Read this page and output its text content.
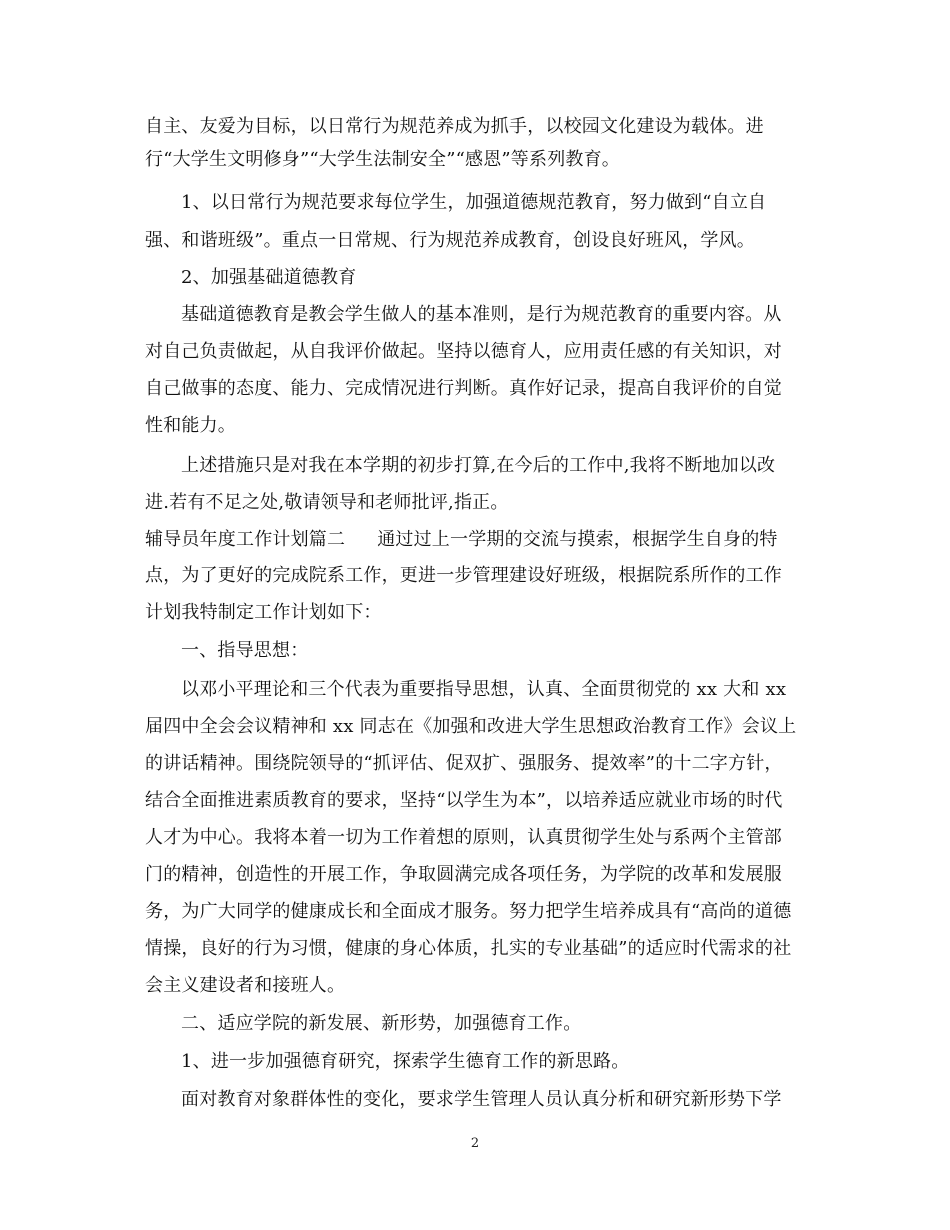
自主、友爱为目标，以日常行为规范养成为抓手，以校园文化建设为载体。进
行“大学生文明修身”“大学生法制安全”“感恩”等系列教育。
1、以日常行为规范要求每位学生，加强道德规范教育，努力做到“自立自
强、和谐班级”。重点一日常规、行为规范养成教育，创设良好班风，学风。
2、加强基础道德教育
基础道德教育是教会学生做人的基本准则，是行为规范教育的重要内容。从
对自己负责做起，从自我评价做起。坚持以德育人，应用责任感的有关知识，对
自己做事的态度、能力、完成情况进行判断。真作好记录，提高自我评价的自觉
性和能力。
上述措施只是对我在本学期的初步打算,在今后的工作中,我将不断地加以改
进.若有不足之处,敬请领导和老师批评,指正。
辅导员年度工作计划篇二 通过过上一学期的交流与摸索，根据学生自身的特
点，为了更好的完成院系工作，更进一步管理建设好班级，根据院系所作的工作
计划我特制定工作计划如下：
一、指导思想：
以邓小平理论和三个代表为重要指导思想，认真、全面贯彻党的 xx 大和 xx
届四中全会会议精神和 xx 同志在《加强和改进大学生思想政治教育工作》会议上
的讲话精神。围绕院领导的“抓评估、促双扩、强服务、提效率”的十二字方针，
结合全面推进素质教育的要求，坚持“以学生为本”，以培养适应就业市场的时代
人才为中心。我将本着一切为工作着想的原则，认真贯彻学生处与系两个主管部
门的精神，创造性的开展工作，争取圆满完成各项任务，为学院的改革和发展服
务，为广大同学的健康成长和全面成才服务。努力把学生培养成具有“高尚的道德
情操，良好的行为习惯，健康的身心体质，扎实的专业基础”的适应时代需求的社
会主义建设者和接班人。
二、适应学院的新发展、新形势，加强德育工作。
1、进一步加强德育研究，探索学生德育工作的新思路。
面对教育对象群体性的变化，要求学生管理人员认真分析和研究新形势下学
2
